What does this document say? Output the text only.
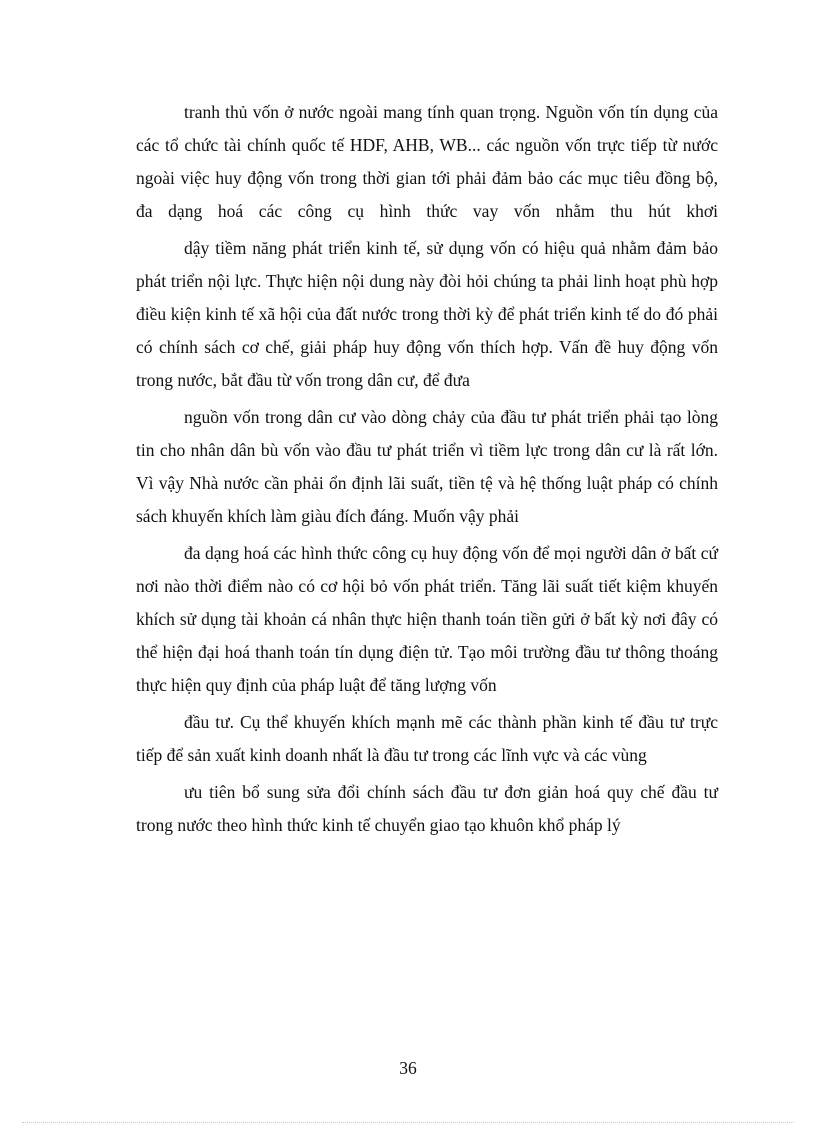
tranh thủ vốn ở nước ngoài mang tính quan trọng. Nguồn vốn tín dụng của các tổ chức tài chính quốc tế HDF, AHB, WB... các nguồn vốn trực tiếp từ nước ngoài việc huy động vốn trong thời gian tới phải đảm bảo các mục tiêu đồng bộ, đa dạng hoá các công cụ hình thức vay vốn nhằm thu hút khơi

dậy tiềm năng phát triển kinh tế, sử dụng vốn có hiệu quả nhằm đảm bảo phát triển nội lực. Thực hiện nội dung này đòi hỏi chúng ta phải linh hoạt phù hợp điều kiện kinh tế xã hội của đất nước trong thời kỳ để phát triển kinh tế do đó phải có chính sách cơ chế, giải pháp huy động vốn thích hợp. Vấn đề huy động vốn trong nước, bắt đầu từ vốn trong dân cư, để đưa

nguồn vốn trong dân cư vào dòng chảy của đầu tư phát triển phải tạo lòng tin cho nhân dân bù vốn vào đầu tư phát triển vì tiềm lực trong dân cư là rất lớn. Vì vậy Nhà nước cần phải ổn định lãi suất, tiền tệ và hệ thống luật pháp có chính sách khuyến khích làm giàu đích đáng. Muốn vậy phải

đa dạng hoá các hình thức công cụ huy động vốn để mọi người dân ở bất cứ nơi nào thời điểm nào có cơ hội bỏ vốn phát triển. Tăng lãi suất tiết kiệm khuyến khích sử dụng tài khoản cá nhân thực hiện thanh toán tiền gửi ở bất kỳ nơi đây có thể hiện đại hoá thanh toán tín dụng điện tử. Tạo môi trường đầu tư thông thoáng thực hiện quy định của pháp luật để tăng lượng vốn

đầu tư. Cụ thể khuyến khích mạnh mẽ các thành phần kinh tế đầu tư trực tiếp để sản xuất kinh doanh nhất là đầu tư trong các lĩnh vực và các vùng

ưu tiên bổ sung sửa đổi chính sách đầu tư đơn giản hoá quy chế đầu tư trong nước theo hình thức kinh tế chuyển giao tạo khuôn khổ pháp lý

36
